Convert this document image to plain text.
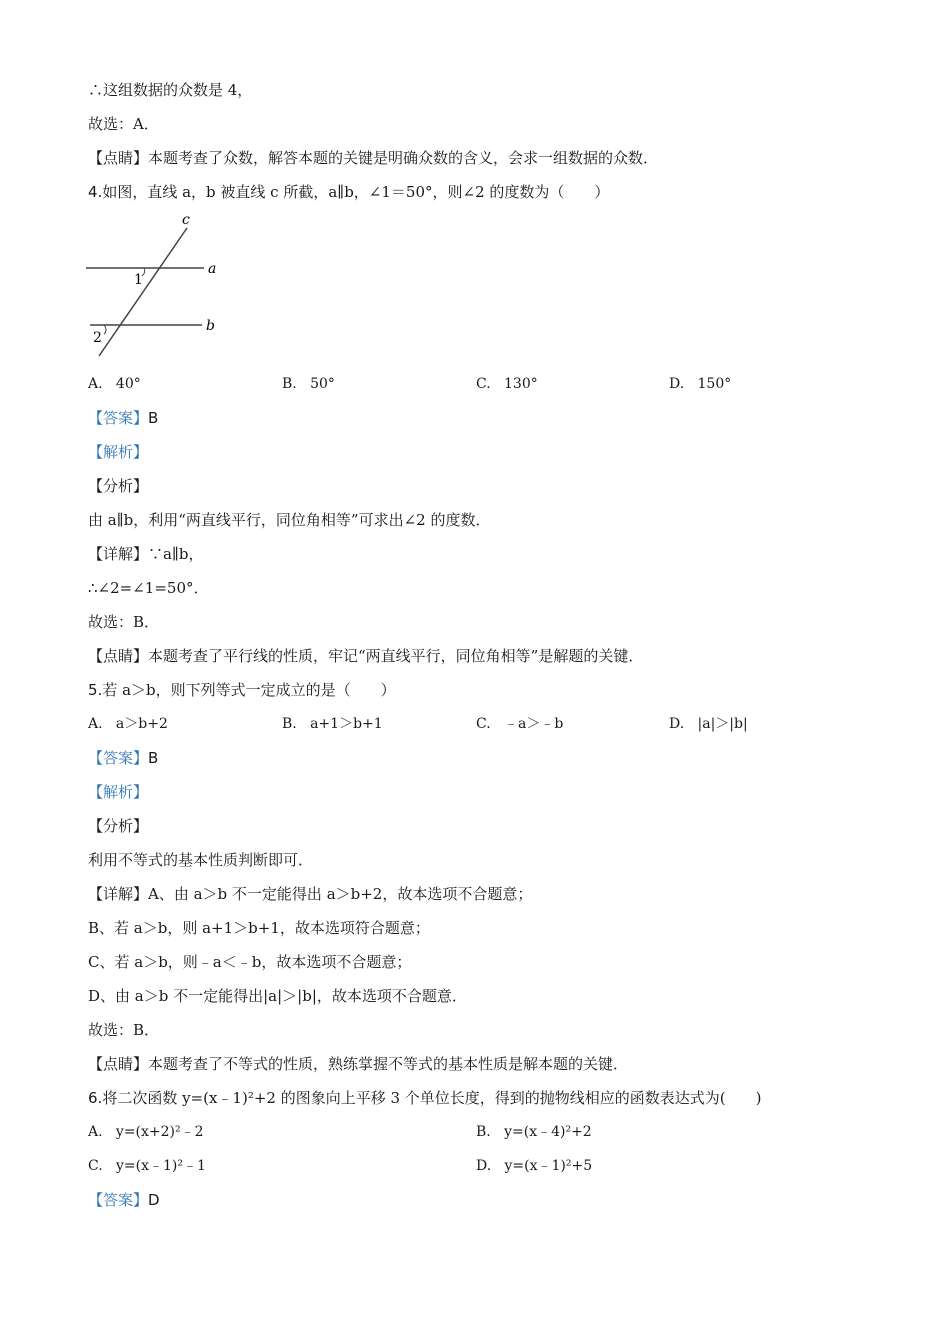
∴这组数据的众数是 4，
故选：A．
【点睛】本题考查了众数，解答本题的关键是明确众数的含义，会求一组数据的众数．
4.如图，直线 a，b 被直线 c 所截，a∥b，∠1＝50°，则∠2 的度数为（　　）
c
a
b
1
2
A.   40°	B.   50°	C.   130°	D.   150°
【答案】B
【解析】
【分析】
由 a∥b，利用“两直线平行，同位角相等”可求出∠2 的度数．
【详解】∵a∥b，
∴∠2=∠1=50°．
故选：B．
【点睛】本题考查了平行线的性质，牢记“两直线平行，同位角相等”是解题的关键．
5.若 a＞b，则下列等式一定成立的是（　　）
A.   a＞b+2	B.   a+1＞b+1	C.   ﹣a＞﹣b	D.   |a|＞|b|
【答案】B
【解析】
【分析】
利用不等式的基本性质判断即可．
【详解】A、由 a＞b 不一定能得出 a＞b+2，故本选项不合题意；
B、若 a＞b，则 a+1＞b+1，故本选项符合题意；
C、若 a＞b，则﹣a＜﹣b，故本选项不合题意；
D、由 a＞b 不一定能得出|a|＞|b|，故本选项不合题意．
故选：B．
【点睛】本题考查了不等式的性质，熟练掌握不等式的基本性质是解本题的关键．
6.将二次函数 y=(x﹣1)²+2 的图象向上平移 3 个单位长度，得到的抛物线相应的函数表达式为(　　)
A.   y=(x+2)²﹣2	B.   y=(x﹣4)²+2
C.   y=(x﹣1)²﹣1	D.   y=(x﹣1)²+5
【答案】D
